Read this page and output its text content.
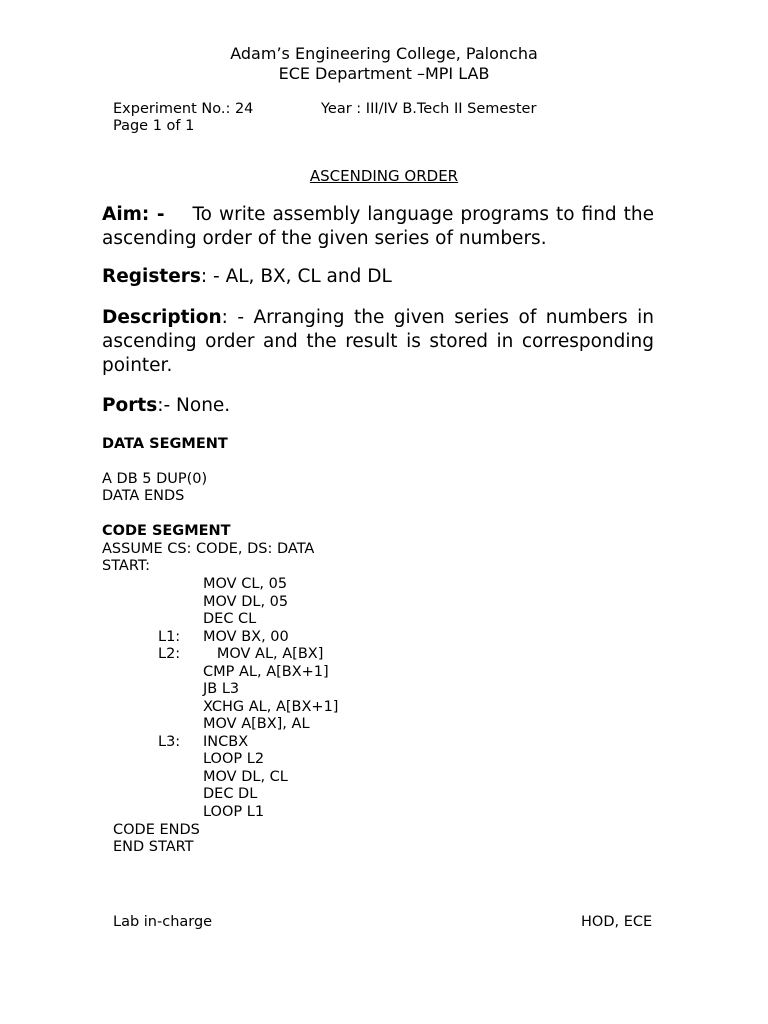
Adam’s Engineering College, Paloncha
ECE Department –MPI LAB
Experiment No.: 24	Year : III/IV B.Tech II Semester
Page 1 of 1
ASCENDING ORDER
Aim: - To write assembly language programs to find the ascending order of the given series of numbers.
Registers: - AL, BX, CL and DL
Description: - Arranging the given series of numbers in ascending order and the result is stored in corresponding pointer.
Ports:- None.
DATA SEGMENT
A DB 5 DUP(0)
DATA ENDS
CODE SEGMENT
ASSUME CS: CODE, DS: DATA
START:
MOV CL, 05
MOV DL, 05
DEC CL
L1: MOV BX, 00
L2: MOV AL, A[BX]
CMP AL, A[BX+1]
JB L3
XCHG AL, A[BX+1]
MOV A[BX], AL
L3: INCBX
LOOP L2
MOV DL, CL
DEC DL
LOOP L1
CODE ENDS
END START
Lab in-charge	HOD, ECE
